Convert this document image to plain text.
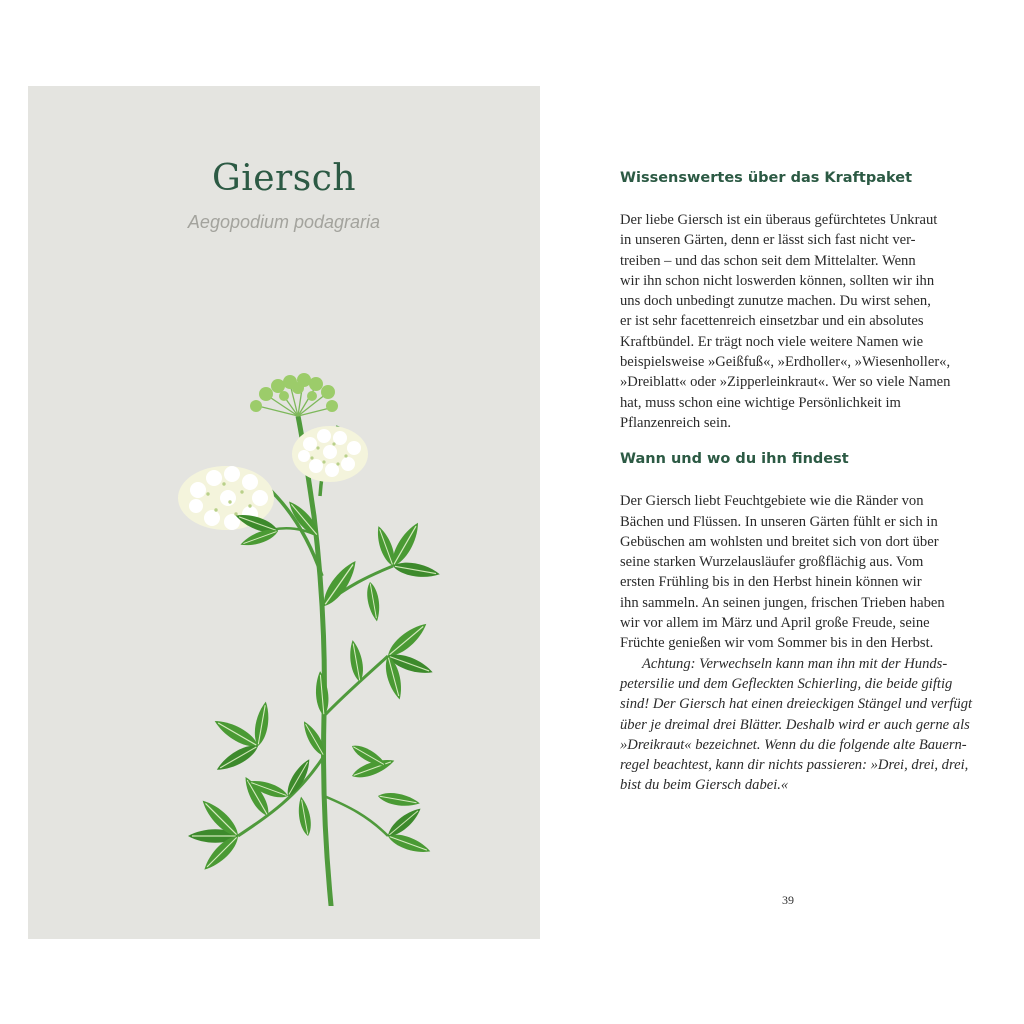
Giersch
Aegopodium podagraria
Wissenswertes über das Kraftpaket

Der liebe Giersch ist ein überaus gefürchtetes Unkraut
in unseren Gärten, denn er lässt sich fast nicht ver-
treiben – und das schon seit dem Mittelalter. Wenn
wir ihn schon nicht loswerden können, sollten wir ihn
uns doch unbedingt zunutze machen. Du wirst sehen,
er ist sehr facettenreich einsetzbar und ein absolutes
Kraftbündel. Er trägt noch viele weitere Namen wie
beispielsweise »Geißfuß«, »Erdholler«, »Wiesenholler«,
»Dreiblatt« oder »Zipperleinkraut«. Wer so viele Namen
hat, muss schon eine wichtige Persönlichkeit im
Pflanzenreich sein.

Wann und wo du ihn findest

Der Giersch liebt Feuchtgebiete wie die Ränder von
Bächen und Flüssen. In unseren Gärten fühlt er sich in
Gebüschen am wohlsten und breitet sich von dort über
seine starken Wurzelausläufer großflächig aus. Vom
ersten Frühling bis in den Herbst hinein können wir
ihn sammeln. An seinen jungen, frischen Trieben haben
wir vor allem im März und April große Freude, seine
Früchte genießen wir vom Sommer bis in den Herbst.

Achtung: Verwechseln kann man ihn mit der Hunds-
petersilie und dem Gefleckten Schierling, die beide giftig
sind! Der Giersch hat einen dreieckigen Stängel und verfügt
über je dreimal drei Blätter. Deshalb wird er auch gerne als
»Dreikraut« bezeichnet. Wenn du die folgende alte Bauern-
regel beachtest, kann dir nichts passieren: »Drei, drei, drei,
bist du beim Giersch dabei.«

39
